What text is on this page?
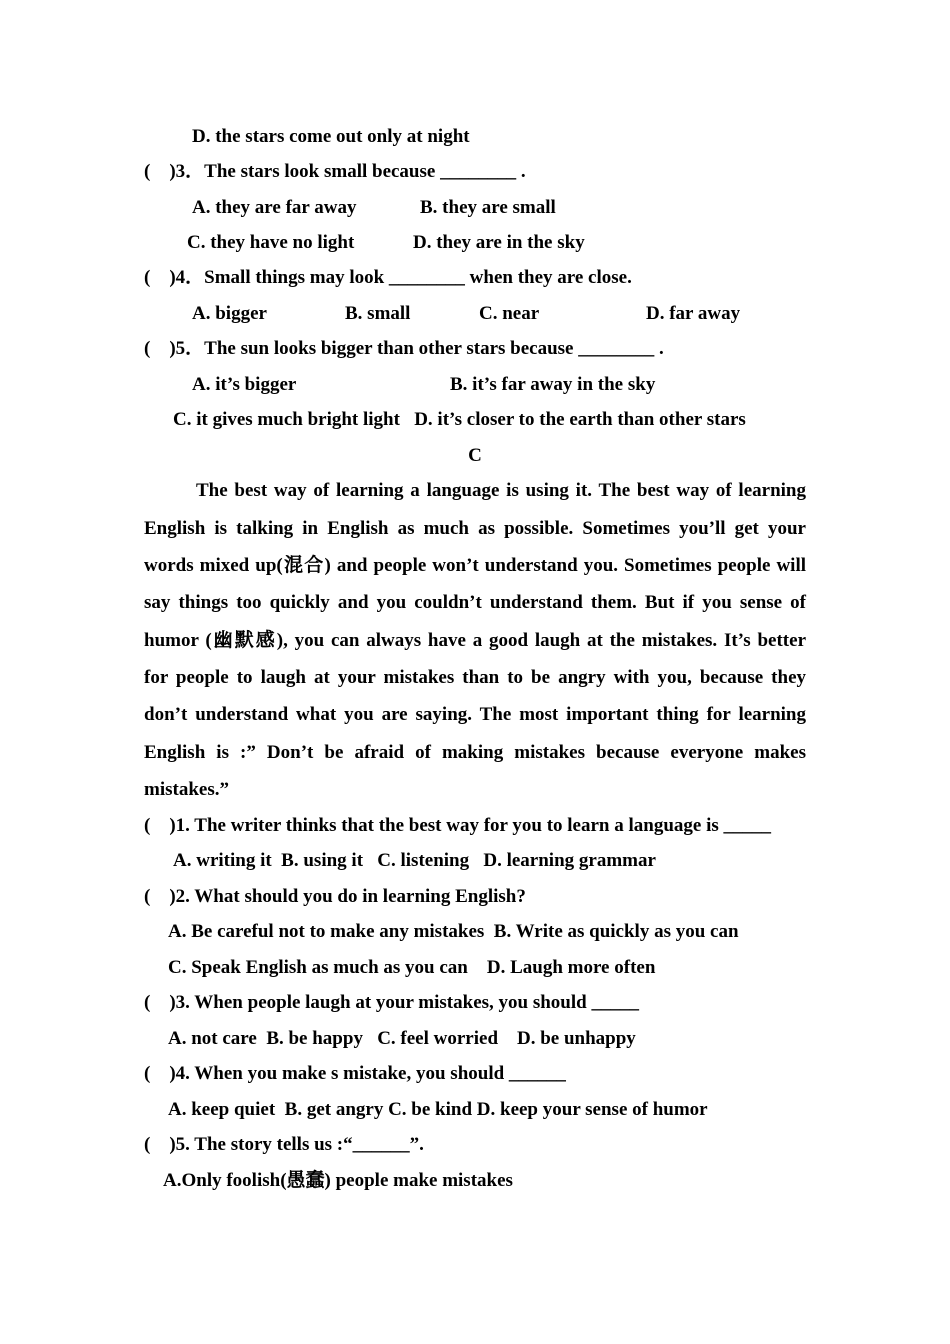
D. the stars come out only at night
(    )3．The stars look small because ________ .
A. they are far away	B. they are small
C. they have no light	D. they are in the sky
(    )4．Small things may look ________ when they are close.
A. bigger	B. small	C. near	D. far away
(    )5．The sun looks bigger than other stars because ________ .
A. it’s bigger	B. it’s far away in the sky
C. it gives much bright light   D. it’s closer to the earth than other stars
C
The best way of learning a language is using it. The best way of learning
English is talking in English as much as possible. Sometimes you’ll get your
words mixed up(混合) and people won’t understand you. Sometimes people will
say things too quickly and you couldn’t understand them. But if you sense of
humor (幽默感), you can always have a good laugh at the mistakes. It’s better
for people to laugh at your mistakes than to be angry with you, because they
don’t understand what you are saying. The most important thing for learning
English is :” Don’t be afraid of making mistakes because everyone makes
mistakes.”
(    )1. The writer thinks that the best way for you to learn a language is _____
A. writing it  B. using it   C. listening   D. learning grammar
(    )2. What should you do in learning English?
A. Be careful not to make any mistakes  B. Write as quickly as you can
C. Speak English as much as you can    D. Laugh more often
(    )3. When people laugh at your mistakes, you should _____
A. not care  B. be happy   C. feel worried    D. be unhappy
(    )4. When you make s mistake, you should ______
A. keep quiet  B. get angry C. be kind D. keep your sense of humor
(    )5. The story tells us :“______”.
A.Only foolish(愚蠢) people make mistakes
